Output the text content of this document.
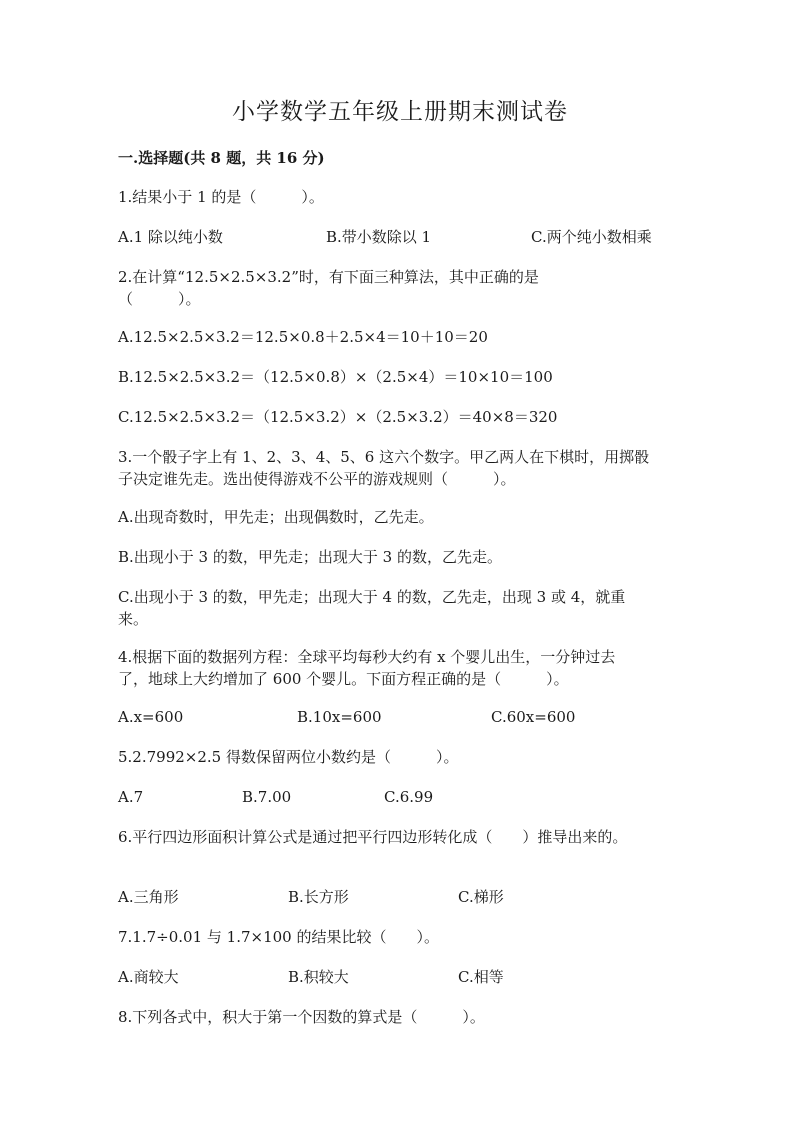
小学数学五年级上册期末测试卷
一.选择题(共 8 题，共 16 分)
1.结果小于 1 的是（　　　）。
A.1 除以纯小数	B.带小数除以 1	C.两个纯小数相乘
2.在计算“12.5×2.5×3.2”时，有下面三种算法，其中正确的是
（　　　）。
A.12.5×2.5×3.2＝12.5×0.8＋2.5×4＝10＋10＝20
B.12.5×2.5×3.2＝（12.5×0.8）×（2.5×4）＝10×10＝100
C.12.5×2.5×3.2＝（12.5×3.2）×（2.5×3.2）＝40×8＝320
3.一个骰子字上有 1、2、3、4、5、6 这六个数字。甲乙两人在下棋时，用掷骰
子决定谁先走。选出使得游戏不公平的游戏规则（　　　）。
A.出现奇数时，甲先走；出现偶数时，乙先走。
B.出现小于 3 的数，甲先走；出现大于 3 的数，乙先走。
C.出现小于 3 的数，甲先走；出现大于 4 的数，乙先走，出现 3 或 4，就重
来。
4.根据下面的数据列方程：全球平均每秒大约有 x 个婴儿出生，一分钟过去
了，地球上大约增加了 600 个婴儿。下面方程正确的是（　　　）。
A.x=600	B.10x=600	C.60x=600
5.2.7992×2.5 得数保留两位小数约是（　　　）。
A.7	B.7.00	C.6.99
6.平行四边形面积计算公式是通过把平行四边形转化成（　　）推导出来的。
A.三角形	B.长方形	C.梯形
7.1.7÷0.01 与 1.7×100 的结果比较（　　）。
A.商较大	B.积较大	C.相等
8.下列各式中，积大于第一个因数的算式是（　　　）。
